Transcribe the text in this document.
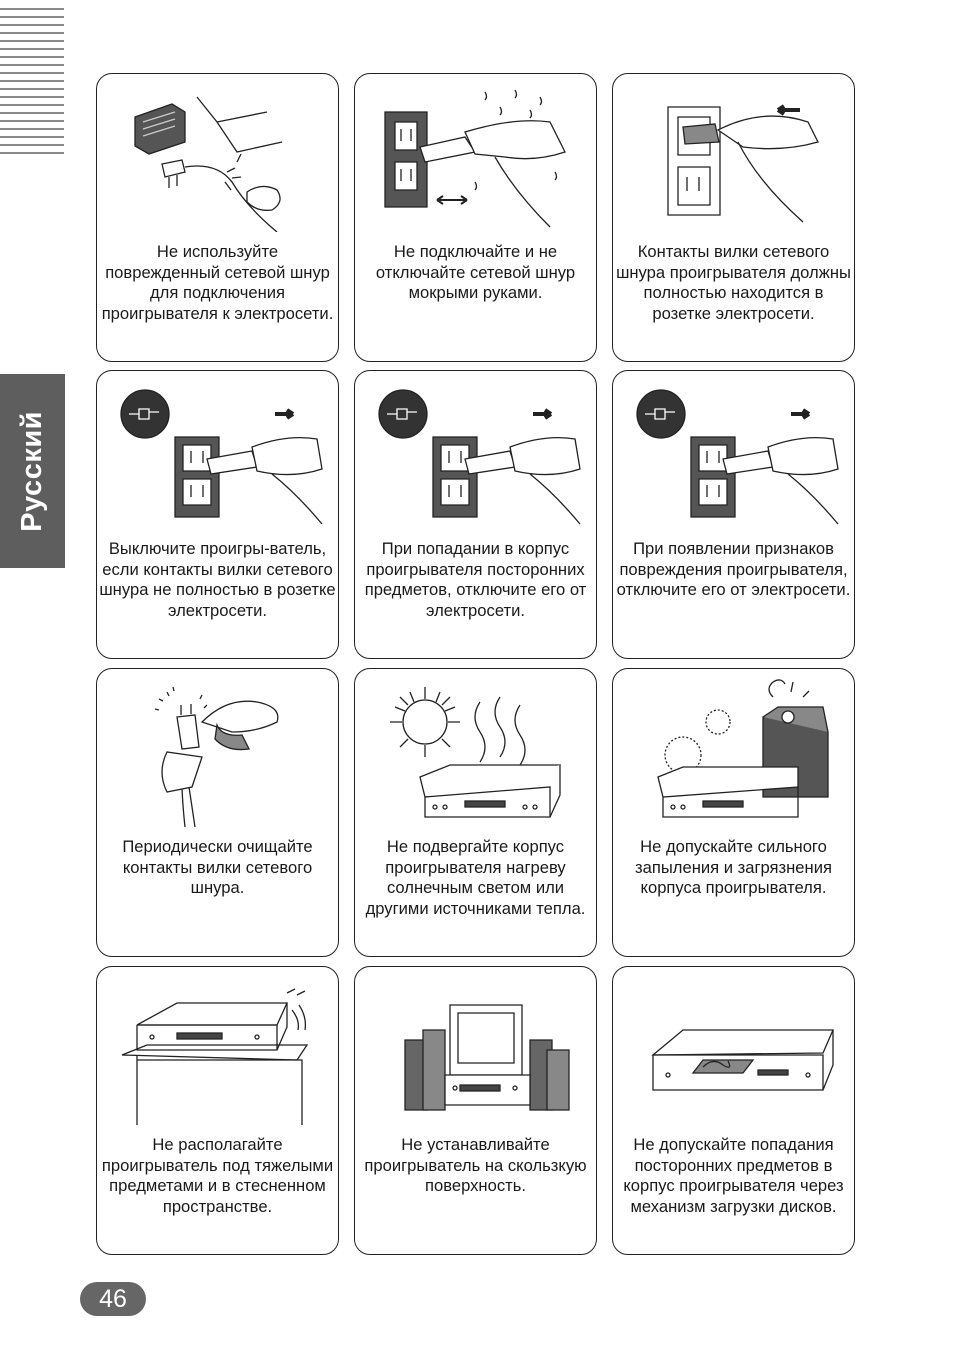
Русский
Не используйте поврежденный сетевой шнур для подключения проигрывателя к электросети.
Не подключайте и не отключайте сетевой шнур мокрыми руками.
Контакты вилки сетевого шнура проигрывателя должны полностью находится в розетке электросети.
Выключите проигры-ватель, если контакты вилки сетевого шнура не полностью в розетке электросети.
При попадании в корпус проигрывателя посторонних предметов, отключите его от электросети.
При появлении признаков повреждения проигрывателя, отключите его от электросети.
Периодически очищайте контакты вилки сетевого шнура.
Не подвергайте корпус проигрывателя нагреву солнечным светом или другими источниками тепла.
Не допускайте сильного запыления и загрязнения корпуса проигрывателя.
Не располагайте проигрыватель под тяжелыми предметами и в стесненном пространстве.
Не устанавливайте проигрыватель на скользкую поверхность.
Не допускайте попадания посторонних предметов в корпус проигрывателя через механизм загрузки дисков.
46
